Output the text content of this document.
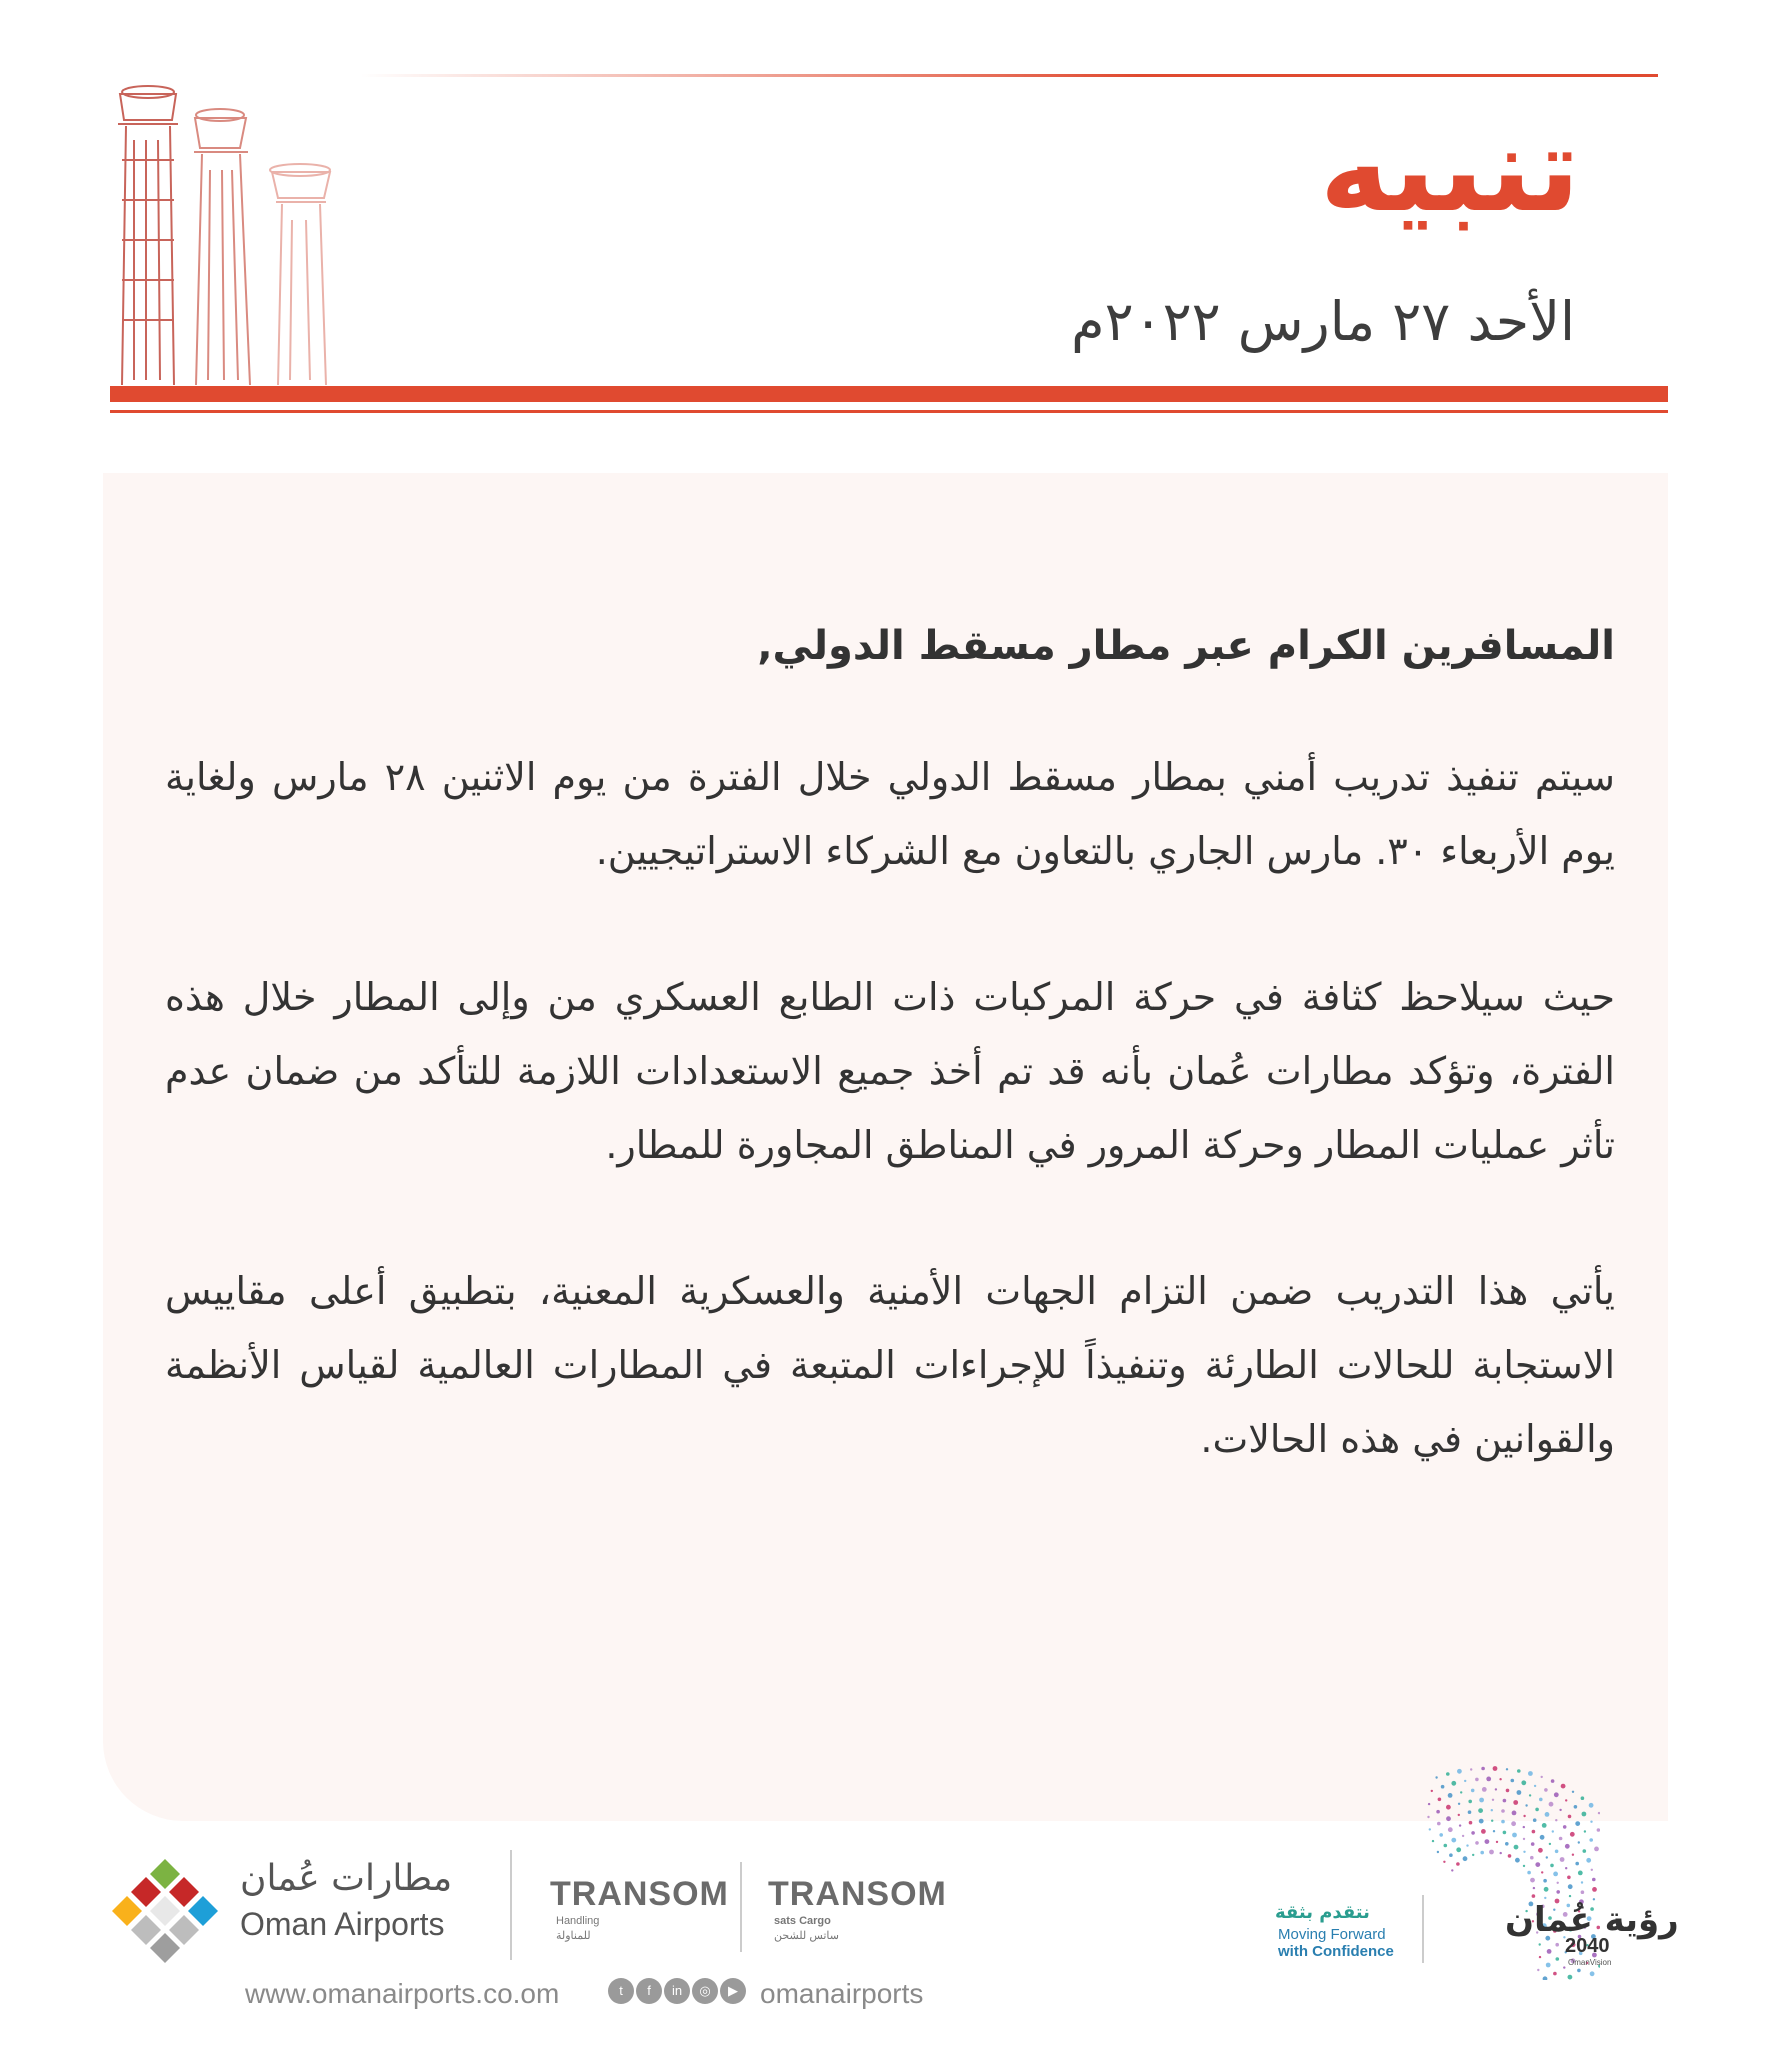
تنبيه
الأحد ٢٧ مارس ٢٠٢٢م

المسافرين الكرام عبر مطار مسقط الدولي,

سيتم تنفيذ تدريب أمني بمطار مسقط الدولي خلال الفترة من يوم الاثنين ٢٨ مارس ولغاية يوم الأربعاء ٣٠. مارس الجاري بالتعاون مع الشركاء الاستراتيجيين.

حيث سيلاحظ كثافة في حركة المركبات ذات الطابع العسكري من وإلى المطار خلال هذه الفترة، وتؤكد مطارات عُمان بأنه قد تم أخذ جميع الاستعدادات اللازمة للتأكد من ضمان عدم تأثر عمليات المطار وحركة المرور في المناطق المجاورة للمطار.

يأتي هذا التدريب ضمن التزام الجهات الأمنية والعسكرية المعنية، بتطبيق أعلى مقاييس الاستجابة للحالات الطارئة وتنفيذاً للإجراءات المتبعة في المطارات العالمية لقياس الأنظمة والقوانين في هذه الحالات.

مطارات عُمان
Oman Airports
TRANSOM
Handling
للمناولة
TRANSOM
sats Cargo
ساتس للشحن
www.omanairports.co.om	t	f	in	◎	▶ omanairports
نتقدم بثقة
Moving Forward
with Confidence
رؤية عُمان
2040
OmanVision
